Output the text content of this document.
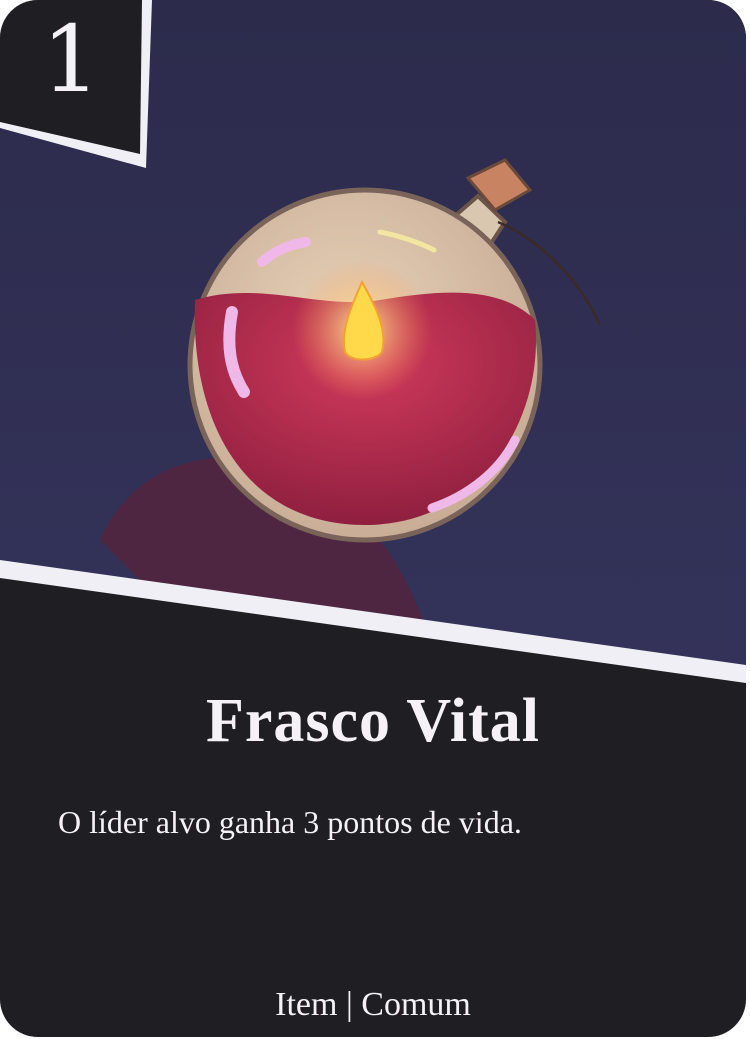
1
Frasco Vital

O líder alvo ganha 3 pontos de vida.

Item | Comum
